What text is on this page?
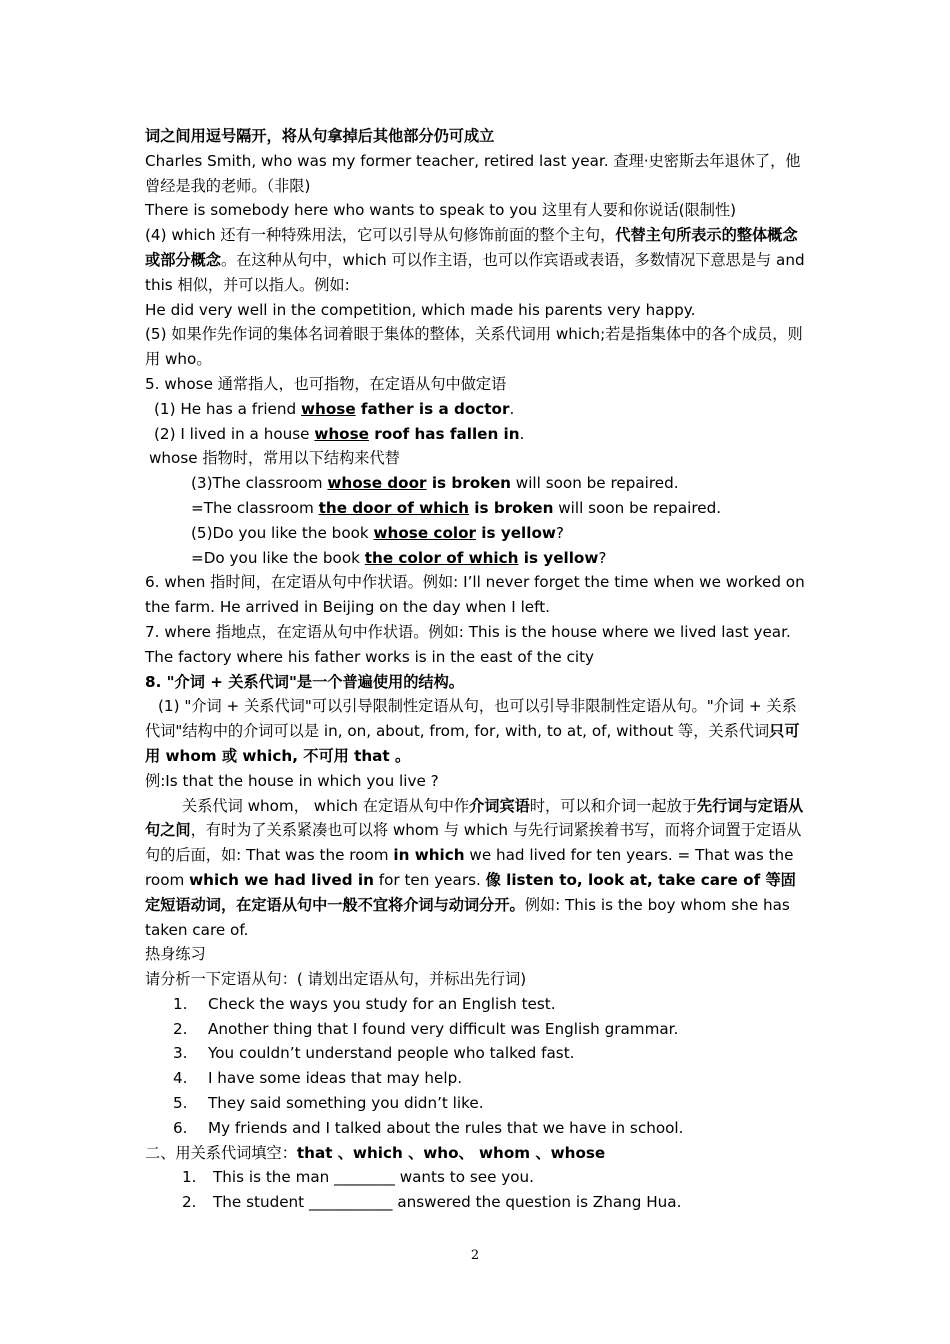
词之间用逗号隔开，将从句拿掉后其他部分仍可成立

Charles Smith, who was my former teacher, retired last year. 查理·史密斯去年退休了，他曾经是我的老师。（非限)

There is somebody here who wants to speak to you 这里有人要和你说话(限制性)

(4) which 还有一种特殊用法，它可以引导从句修饰前面的整个主句，代替主句所表示的整体概念或部分概念。在这种从句中，which 可以作主语，也可以作宾语或表语，多数情况下意思是与 and this 相似，并可以指人。例如:

He did very well in the competition, which made his parents very happy.

(5) 如果作先作词的集体名词着眼于集体的整体，关系代词用 which;若是指集体中的各个成员，则用 who。

5. whose 通常指人，也可指物，在定语从句中做定语

(1) He has a friend whose father is a doctor.

(2) I lived in a house whose roof has fallen in.

whose 指物时，常用以下结构来代替

(3)The classroom whose door is broken will soon be repaired.

=The classroom the door of which is broken will soon be repaired.

(5)Do you like the book whose color is yellow?

=Do you like the book the color of which is yellow?

6. when 指时间，在定语从句中作状语。例如: I’ll never forget the time when we worked on the farm. He arrived in Beijing on the day when I left.

7. where 指地点，在定语从句中作状语。例如: This is the house where we lived last year. The factory where his father works is in the east of the city

8. "介词 + 关系代词"是一个普遍使用的结构。

(1) "介词 + 关系代词"可以引导限制性定语从句，也可以引导非限制性定语从句。"介词 + 关系代词"结构中的介词可以是 in, on, about, from, for, with, to at, of, without 等，关系代词只可用 whom 或 which, 不可用 that 。

例:Is that the house in which you live ?

关系代词 whom， which 在定语从句中作介词宾语时，可以和介词一起放于先行词与定语从句之间，有时为了关系紧凑也可以将 whom 与 which 与先行词紧挨着书写，而将介词置于定语从句的后面，如: That was the room in which we had lived for ten years. = That was the room which we had lived in for ten years. 像 listen to, look at, take care of 等固定短语动词，在定语从句中一般不宜将介词与动词分开。例如: This is the boy whom she has taken care of.

热身练习

请分析一下定语从句：( 请划出定语从句，并标出先行词)

1.	Check the ways you study for an English test.
2.	Another thing that I found very difficult was English grammar.
3.	You couldn’t understand people who talked fast.
4.	I have some ideas that may help.
5.	They said something you didn’t like.
6.	My friends and I talked about the rules that we have in school.

二、用关系代词填空：that 、which 、who、 whom 、whose

1.	This is the man ________ wants to see you.
2.	The student ___________ answered the question is Zhang Hua.
2
